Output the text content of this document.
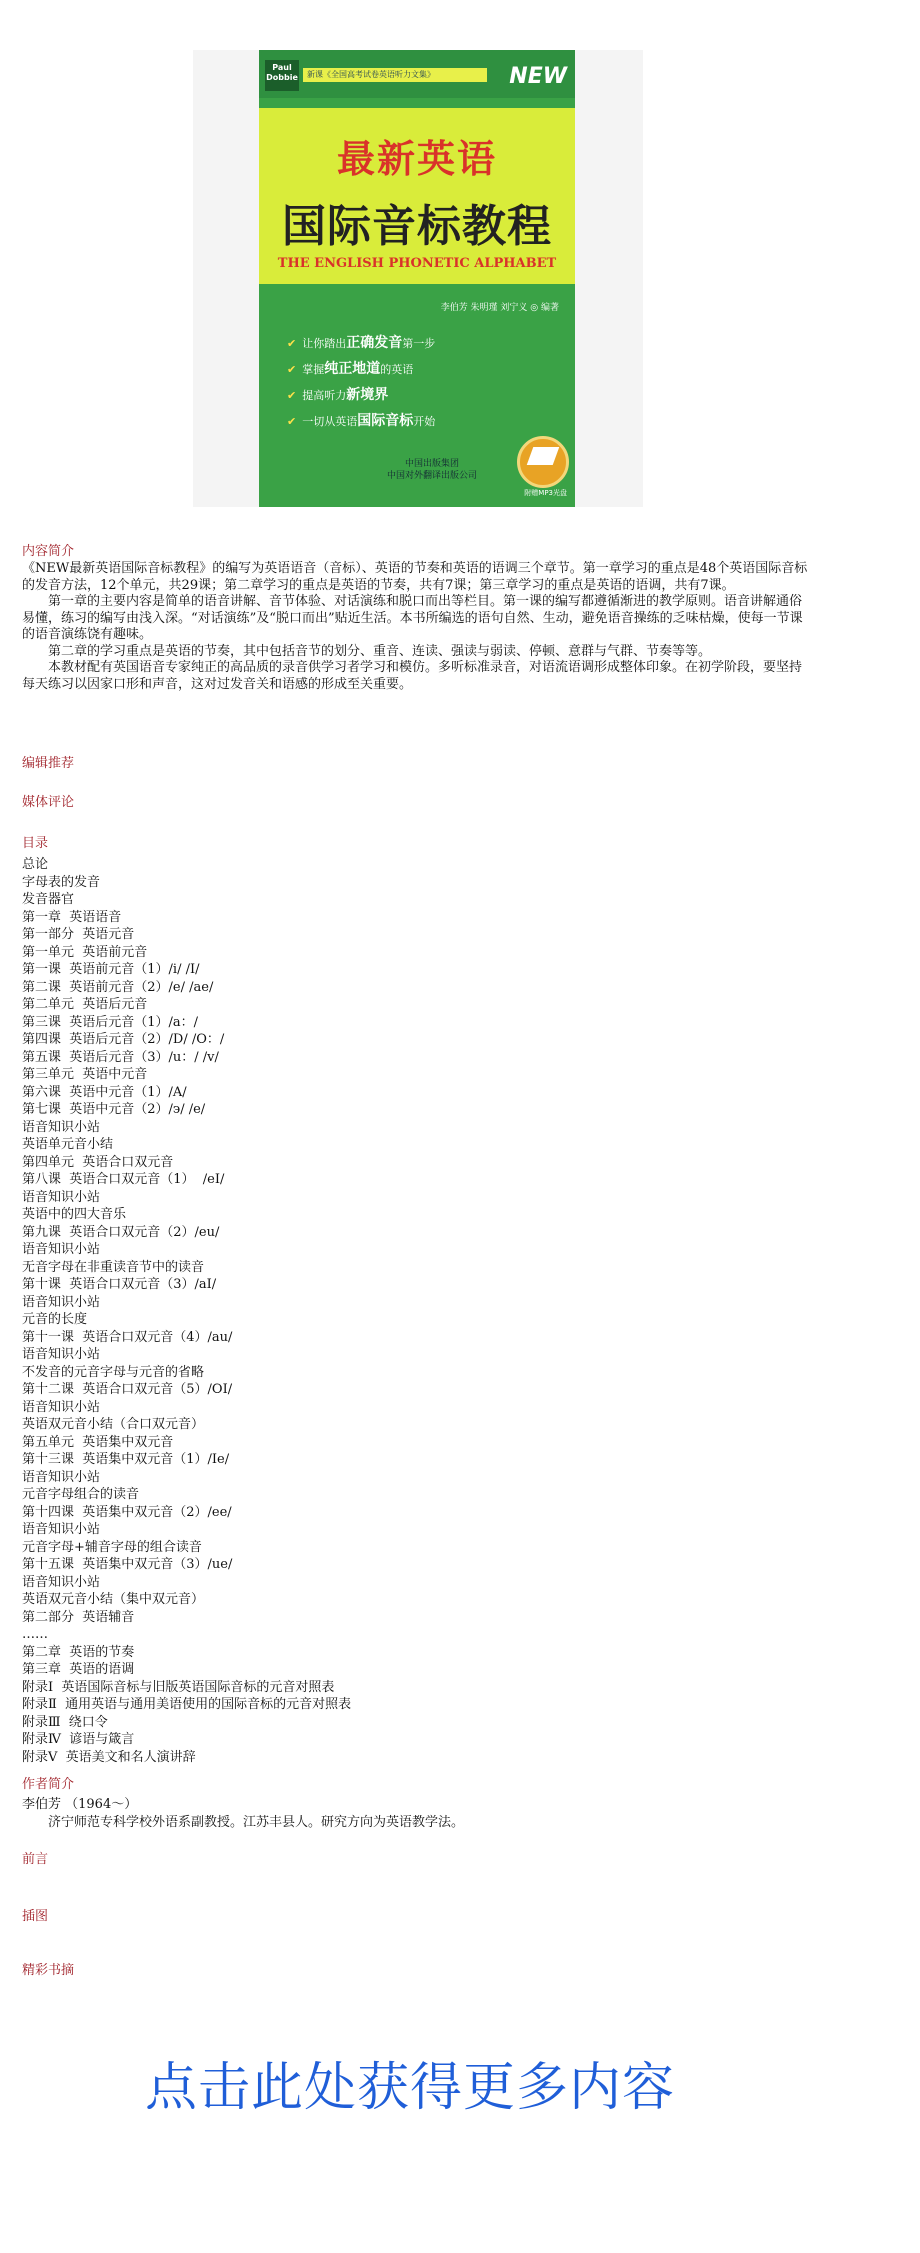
Paul Dobbie	新课《全国高考试卷英语听力文集》	NEW
最新英语
国际音标教程
THE ENGLISH PHONETIC ALPHABET
李伯芳 朱明瑾 刘宁义 ◎ 编著
✔ 让你踏出正确发音第一步
✔ 掌握纯正地道的英语
✔ 提高听力新境界
✔ 一切从英语国际音标开始
中国出版集团
中国对外翻译出版公司
附赠MP3光盘
内容简介

《NEW最新英语国际音标教程》的编写为英语语音（音标）、英语的节奏和英语的语调三个章节。第一章学习的重点是48个英语国际音标的发音方法，12个单元，共29课；第二章学习的重点是英语的节奏，共有7课；第三章学习的重点是英语的语调，共有7课。

第一章的主要内容是简单的语音讲解、音节体验、对话演练和脱口而出等栏目。第一课的编写都遵循渐进的教学原则。语音讲解通俗易懂，练习的编写由浅入深。“对话演练”及“脱口而出”贴近生活。本书所编选的语句自然、生动，避免语音操练的乏味枯燥，使每一节课的语音演练饶有趣味。

第二章的学习重点是英语的节奏，其中包括音节的划分、重音、连读、强读与弱读、停顿、意群与气群、节奏等等。

本教材配有英国语音专家纯正的高品质的录音供学习者学习和模仿。多听标准录音，对语流语调形成整体印象。在初学阶段，要坚持每天练习以因家口形和声音，这对过发音关和语感的形成至关重要。

编辑推荐
媒体评论
目录
总论
字母表的发音
发音器官
第一章  英语语音
第一部分  英语元音
第一单元  英语前元音
第一课  英语前元音（1）/i/ /I/
第二课  英语前元音（2）/e/ /ae/
第二单元  英语后元音
第三课  英语后元音（1）/a：/
第四课  英语后元音（2）/D/ /O：/
第五课  英语后元音（3）/u：/ /v/
第三单元  英语中元音
第六课  英语中元音（1）/A/
第七课  英语中元音（2）/э/ /e/
语音知识小站
英语单元音小结
第四单元  英语合口双元音
第八课  英语合口双元音（1）  /eI/
语音知识小站
英语中的四大音乐
第九课  英语合口双元音（2）/eu/
语音知识小站
无音字母在非重读音节中的读音
第十课  英语合口双元音（3）/aI/
语音知识小站
元音的长度
第十一课  英语合口双元音（4）/au/
语音知识小站
不发音的元音字母与元音的省略
第十二课  英语合口双元音（5）/OI/
语音知识小站
英语双元音小结（合口双元音）
第五单元  英语集中双元音
第十三课  英语集中双元音（1）/Ie/
语音知识小站
元音字母组合的读音
第十四课  英语集中双元音（2）/ee/
语音知识小站
元音字母+辅音字母的组合读音
第十五课  英语集中双元音（3）/ue/
语音知识小站
英语双元音小结（集中双元音）
第二部分  英语辅音
……
第二章  英语的节奏
第三章  英语的语调
附录Ⅰ  英语国际音标与旧版英语国际音标的元音对照表
附录Ⅱ  通用英语与通用美语使用的国际音标的元音对照表
附录Ⅲ  绕口令
附录Ⅳ  谚语与箴言
附录Ⅴ  英语美文和名人演讲辞
作者简介

李伯芳 （1964～）

济宁师范专科学校外语系副教授。江苏丰县人。研究方向为英语教学法。

前言
插图
精彩书摘
点击此处获得更多内容
